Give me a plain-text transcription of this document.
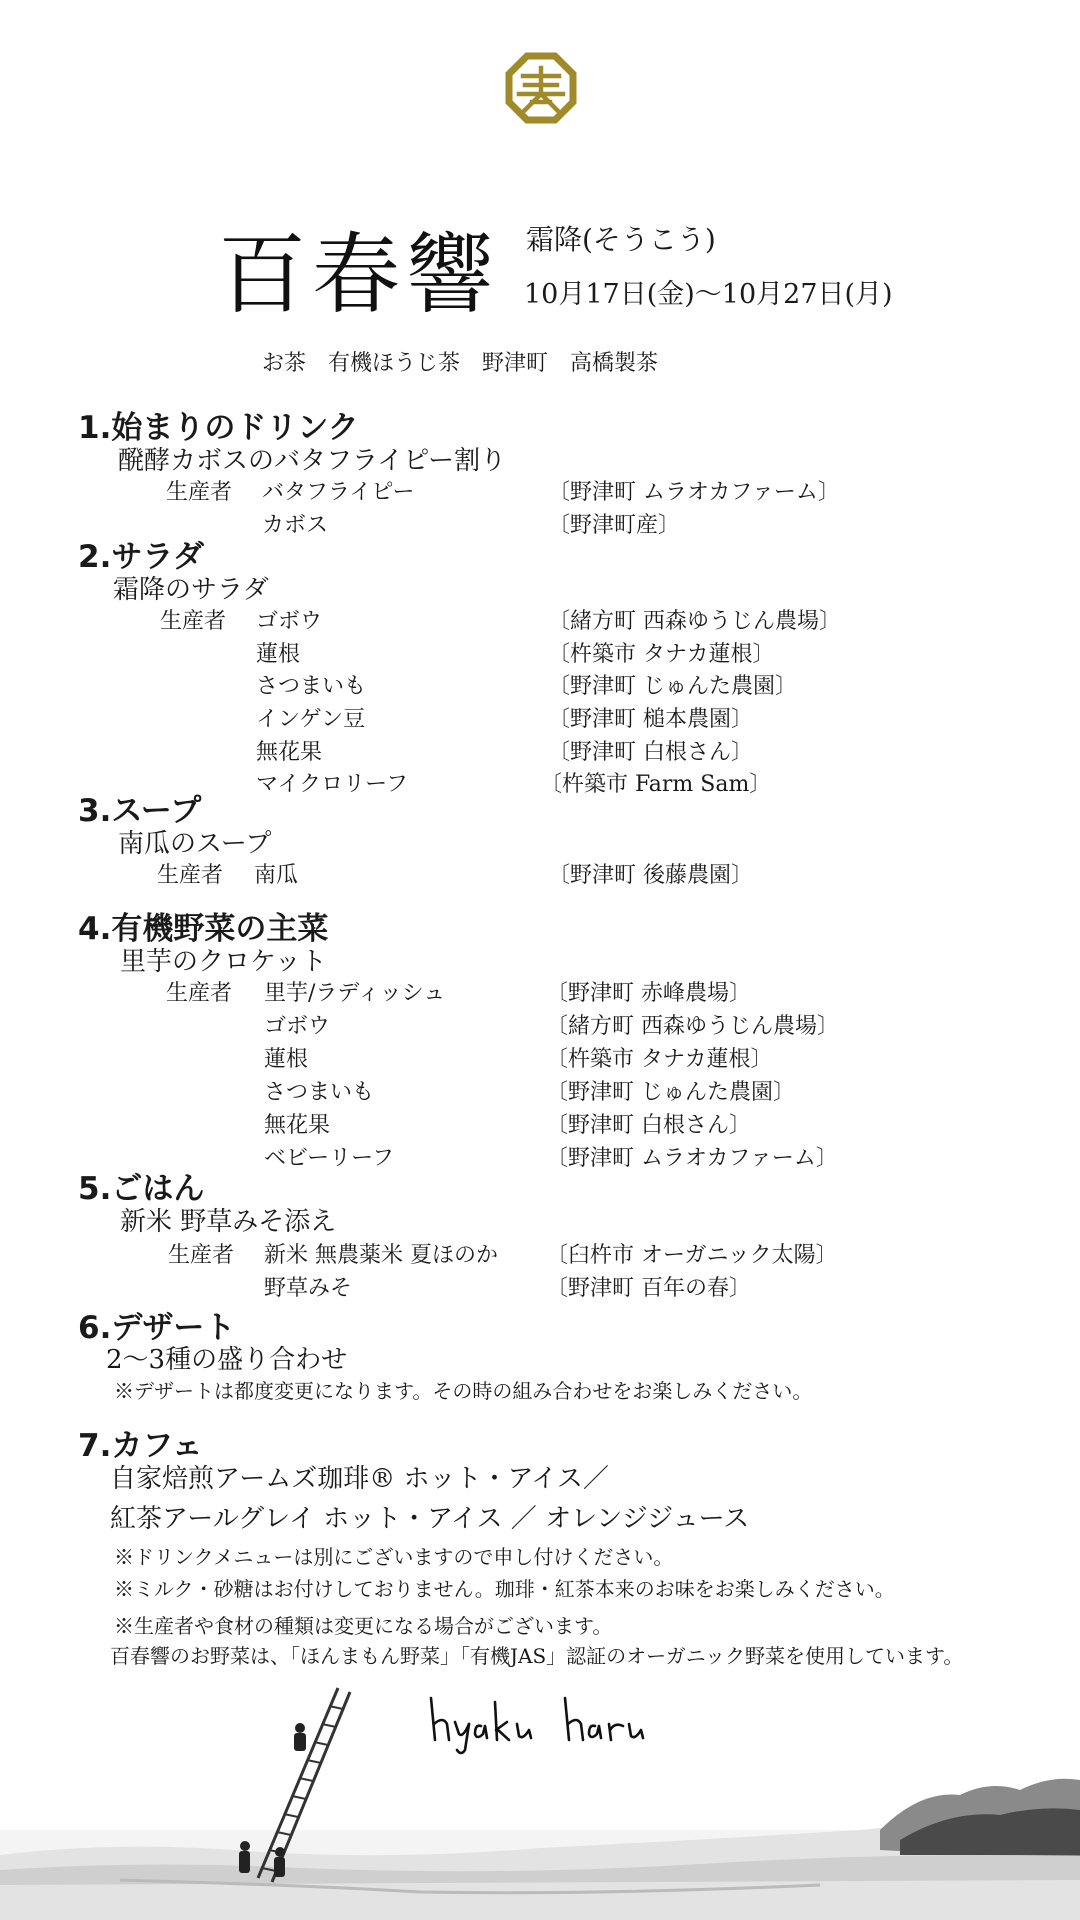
百春響 霜降(そうこう)
10月17日(金)〜10月27日(月)
お茶　有機ほうじ茶　野津町　高橋製茶
1.始まりのドリンク
醗酵カボスのバタフライピー割り
生産者 バタフライピー	〔野津町 ムラオカファーム〕
カボス	〔野津町産〕
2.サラダ
霜降のサラダ
生産者 ゴボウ	〔緒方町 西森ゆうじん農場〕
蓮根	〔杵築市 タナカ蓮根〕
さつまいも	〔野津町 じゅんた農園〕
インゲン豆	〔野津町 槌本農園〕
無花果	〔野津町 白根さん〕
マイクロリーフ	〔杵築市 Farm Sam〕
3.スープ
南瓜のスープ
生産者 南瓜	〔野津町 後藤農園〕
4.有機野菜の主菜
里芋のクロケット
生産者 里芋/ラディッシュ	〔野津町 赤峰農場〕
ゴボウ	〔緒方町 西森ゆうじん農場〕
蓮根	〔杵築市 タナカ蓮根〕
さつまいも	〔野津町 じゅんた農園〕
無花果	〔野津町 白根さん〕
ベビーリーフ	〔野津町 ムラオカファーム〕
5.ごはん
新米 野草みそ添え
生産者 新米 無農薬米 夏ほのか 〔臼杵市 オーガニック太陽〕
野草みそ	〔野津町 百年の春〕
6.デザート
2〜3種の盛り合わせ
※デザートは都度変更になります。その時の組み合わせをお楽しみください。
7.カフェ
自家焙煎アームズ珈琲® ホット・アイス／
紅茶アールグレイ ホット・アイス ／ オレンジジュース
※ドリンクメニューは別にございますので申し付けください。
※ミルク・砂糖はお付けしておりません。珈琲・紅茶本来のお味をお楽しみください。
※生産者や食材の種類は変更になる場合がございます。
百春響のお野菜は、「ほんまもん野菜」「有機JAS」認証のオーガニック野菜を使用しています。
